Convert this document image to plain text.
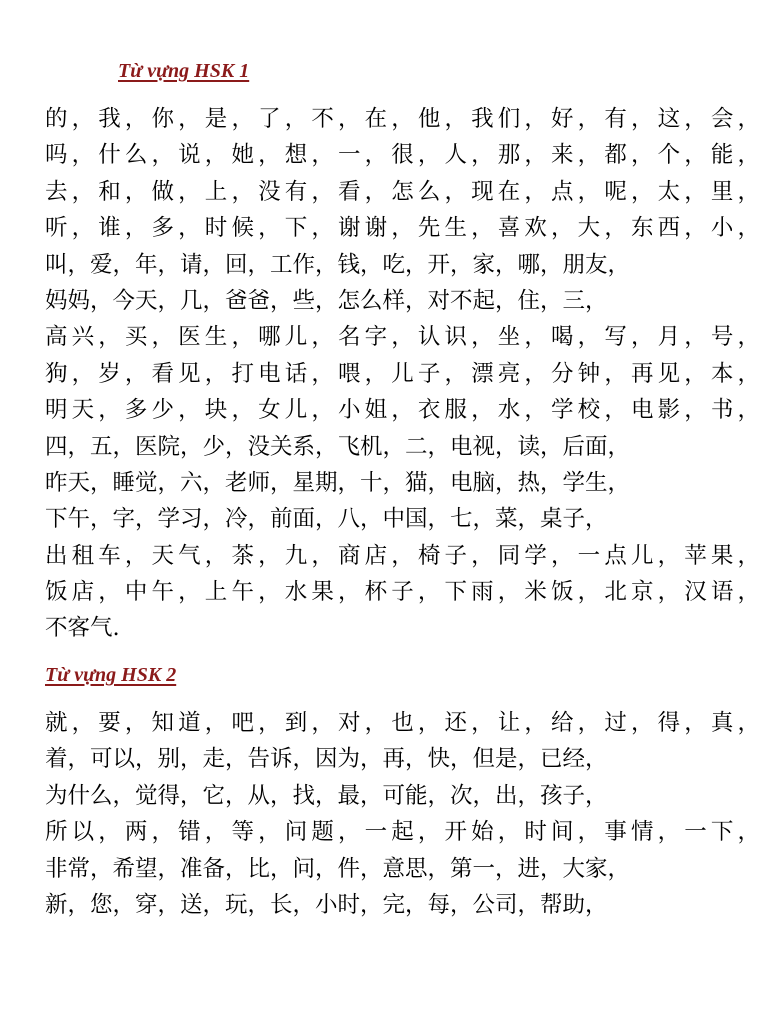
Từ vựng HSK 1
的，我，你，是，了，不，在，他，我们，好，有，这，会，
吗，什么，说，她，想，一，很，人，那，来，都，个，能，
去，和，做，上，没有，看，怎么，现在，点，呢，太，里，
听，谁，多，时候，下，谢谢，先生，喜欢，大，东西，小，
叫，爱，年，请，回，工作，钱，吃，开，家，哪，朋友，
妈妈，今天，几，爸爸，些，怎么样，对不起，住，三，
高兴，买，医生，哪儿，名字，认识，坐，喝，写，月，号，
狗，岁，看见，打电话，喂，儿子，漂亮，分钟，再见，本，
明天，多少，块，女儿，小姐，衣服，水，学校，电影，书，
四，五，医院，少，没关系，飞机，二，电视，读，后面，
昨天，睡觉，六，老师，星期，十，猫，电脑，热，学生，
下午，字，学习，冷，前面，八，中国，七，菜，桌子，
出租车，天气，茶，九，商店，椅子，同学，一点儿，苹果，
饭店，中午，上午，水果，杯子，下雨，米饭，北京，汉语，
不客气.
Từ vựng HSK 2
就，要，知道，吧，到，对，也，还，让，给，过，得，真，
着，可以，别，走，告诉，因为，再，快，但是，已经，
为什么，觉得，它，从，找，最，可能，次，出，孩子，
所以，两，错，等，问题，一起，开始，时间，事情，一下，
非常，希望，准备，比，问，件，意思，第一，进，大家，
新，您，穿，送，玩，长，小时，完，每，公司，帮助，
